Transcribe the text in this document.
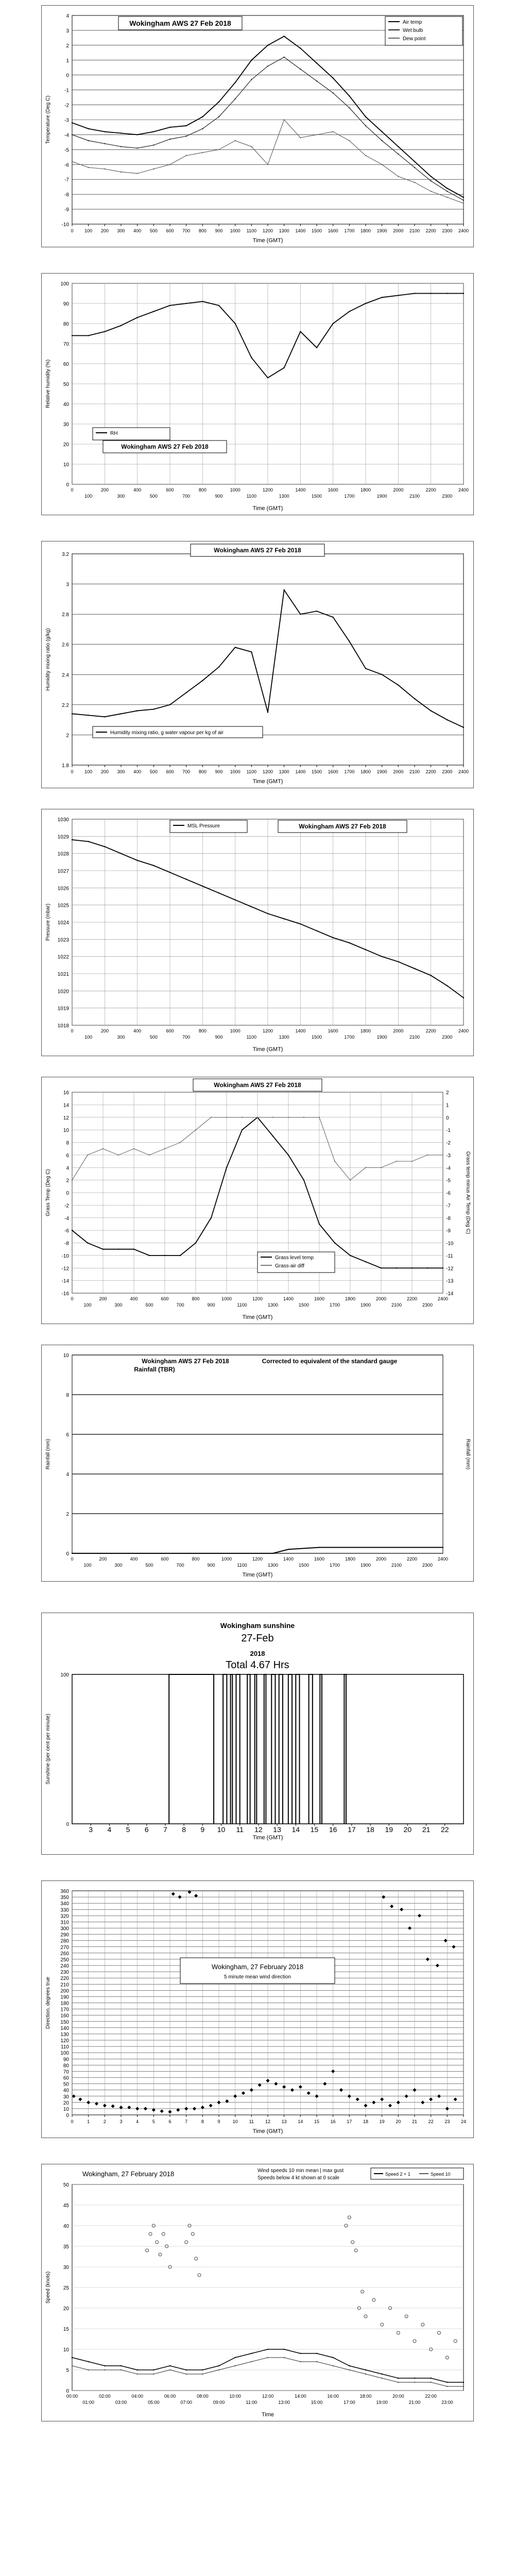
-10
-9
-8
-7
-6
-5
-4
-3
-2
-1
0
1
2
3
4
0 100 200 300 400 500 600 700 800 900 1000 1100 1200 1300 1400 1500 1600 1700 1800 1900 2000 2100 2200 2300 2400
Time (GMT)
Temperature (Deg C)
Wokingham AWS 27 Feb 2018	Air temp
Wet bulb
Dew point
0
10
20
30
40
50
60
70
80
90
100
0	200	400	600	800	1000	1200	1400	1600	1800	2000	2200	2400
100	300	500	700	900	1100	1300	1500	1700	1900	2100	2300
Time (GMT)
Relative humidity (%)
Wokingham AWS 27 Feb 2018
RH
1.8
2
2.2
2.4
2.6
2.8
3
3.2
0 100 200 300 400 500 600 700 800 900 1000 1100 1200 1300 1400 1500 1600 1700 1800 1900 2000 2100 2200 2300 2400
Time (GMT)
Humidity mixing ratio (g/kg)
Wokingham AWS 27 Feb 2018
Humidity mixing ratio, g water vapour per kg of air
1018
1019
1020
1021
1022
1023
1024
1025
1026
1027
1028
1029
1030
0	200	400	600	800	1000	1200	1400	1600	1800	2000	2200	2400
100	300	500	700	900	1100	1300	1500	1700	1900	2100	2300
Time (GMT)
Pressure (mbar)
Wokingham AWS 27 Feb 2018
MSL Pressure
16
14
12
10
8
6
4
2
0
-2
-4
-6
-8
-10
-12
-14
-16
0	200	400	600	800	1000	1200	1400	1600	1800	2000	2200	2400
100	300	500	700	900	1100	1300	1500	1700	1900	2100	2300
Time (GMT)
Grass Temp (Deg C)
2
1
0
-1
-2
-3
-4
-5
-6
-7
-8
-9
-10
-11
-12
-13
-14
Grass temp minus Air Temp (Deg C)
Wokingham AWS 27 Feb 2018
Grass level temp
Grass-air diff
0
2
4
6
8
10
0	200	400	600	800	1000	1200	1400	1600	1800	2000	2200	2400
100	300	500	700	900	1100	1300	1500	1700	1900	2100	2300
Time (GMT)
Rainfall (mm)
Wokingham AWS 27 Feb 2018
Rainfall (TBR)
Corrected to equivalent of the standard gauge
Rainfall (mm)
0
100
3 4 5 6 7 8 9 10 11 12 13 14 15 16 17 18 19 20 21 22
Time (GMT)
Sunshine (per cent per minute)
Wokingham sunshine
27-Feb
2018
Total 4.67 Hrs
0
10
20
30
40
50
60
70
80
90
100
110
120
130
140
150
160
170
180
190
200
210
220
230
240
250
260
270
280
290
300
310
320
330
340
350
360
0	1	2	3	4	5	6	7	8	9	10 11 12 13 14 15 16 17 18 19 20 21 22 23 24
Time (GMT)
Direction, degrees true
Wokingham, 27 February 2018
5 minute mean wind direction
0
5
10
15
20
25
30
35
40
45
50
00:00	02:00	04:00	06:00	08:00	10:00	12:00	14:00	16:00	18:00	20:00	22:00
01:00	03:00	05:00	07:00	09:00	11:00	13:00	15:00	17:00	19:00	21:00	23:00
Time
Speed (knots)
Wokingham, 27 February 2018	Wind speeds 10 min mean | max gust
Speeds below 4 kt shown at 0 scale
Speed 2 + 1	Speed 10
